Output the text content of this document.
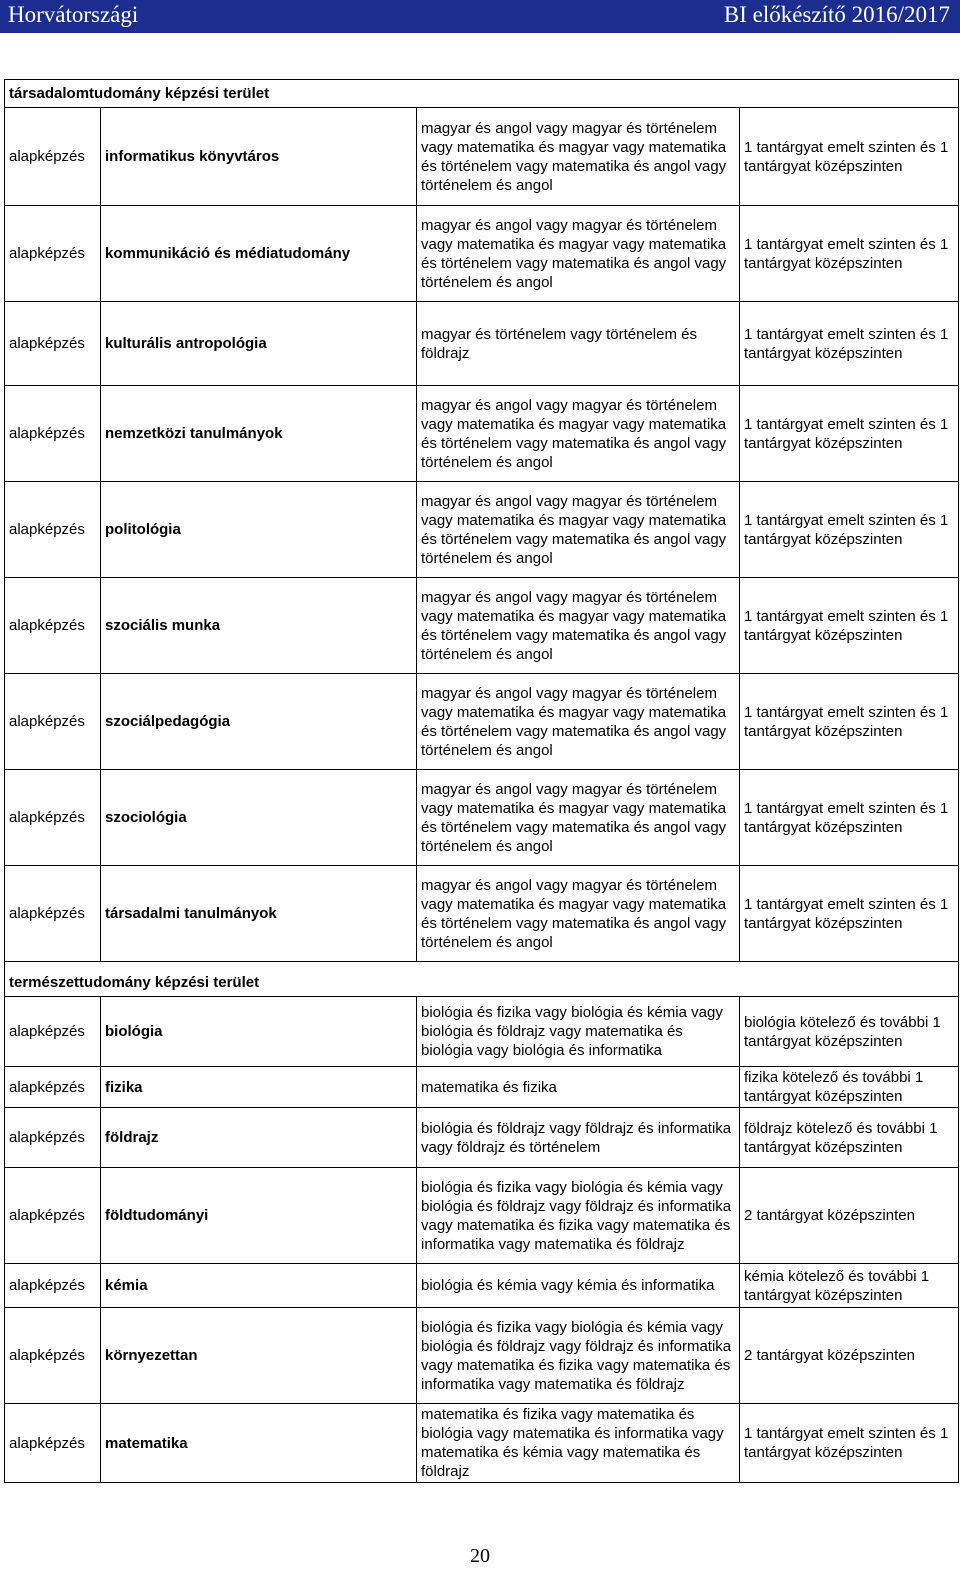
Horvátországi	BI előkészítő 2016/2017
társadalomtudomány képzési terület			
alapképzés	informatikus könyvtáros	magyar és angol vagy magyar és történelem vagy matematika és magyar vagy matematika és történelem vagy matematika és angol vagy történelem és angol	1 tantárgyat emelt szinten és 1 tantárgyat középszinten
alapképzés	kommunikáció és médiatudomány	magyar és angol vagy magyar és történelem vagy matematika és magyar vagy matematika és történelem vagy matematika és angol vagy történelem és angol	1 tantárgyat emelt szinten és 1 tantárgyat középszinten
alapképzés	kulturális antropológia	magyar és történelem vagy történelem és földrajz	1 tantárgyat emelt szinten és 1 tantárgyat középszinten
alapképzés	nemzetközi tanulmányok	magyar és angol vagy magyar és történelem vagy matematika és magyar vagy matematika és történelem vagy matematika és angol vagy történelem és angol	1 tantárgyat emelt szinten és 1 tantárgyat középszinten
alapképzés	politológia	magyar és angol vagy magyar és történelem vagy matematika és magyar vagy matematika és történelem vagy matematika és angol vagy történelem és angol	1 tantárgyat emelt szinten és 1 tantárgyat középszinten
alapképzés	szociális munka	magyar és angol vagy magyar és történelem vagy matematika és magyar vagy matematika és történelem vagy matematika és angol vagy történelem és angol	1 tantárgyat emelt szinten és 1 tantárgyat középszinten
alapképzés	szociálpedagógia	magyar és angol vagy magyar és történelem vagy matematika és magyar vagy matematika és történelem vagy matematika és angol vagy történelem és angol	1 tantárgyat emelt szinten és 1 tantárgyat középszinten
alapképzés	szociológia	magyar és angol vagy magyar és történelem vagy matematika és magyar vagy matematika és történelem vagy matematika és angol vagy történelem és angol	1 tantárgyat emelt szinten és 1 tantárgyat középszinten
alapképzés	társadalmi tanulmányok	magyar és angol vagy magyar és történelem vagy matematika és magyar vagy matematika és történelem vagy matematika és angol vagy történelem és angol	1 tantárgyat emelt szinten és 1 tantárgyat középszinten
természettudomány képzési terület			
alapképzés	biológia	biológia és fizika vagy biológia és kémia vagy biológia és földrajz vagy matematika és biológia vagy biológia és informatika	biológia kötelező és további 1 tantárgyat középszinten
alapképzés	fizika	matematika és fizika	fizika kötelező és további 1 tantárgyat középszinten
alapképzés	földrajz	biológia és földrajz vagy földrajz és informatika vagy földrajz és történelem	földrajz kötelező és további 1 tantárgyat középszinten
alapképzés	földtudományi	biológia és fizika vagy biológia és kémia vagy biológia és földrajz vagy földrajz és informatika vagy matematika és fizika vagy matematika és informatika vagy matematika és földrajz	2 tantárgyat középszinten
alapképzés	kémia	biológia és kémia vagy kémia és informatika	kémia kötelező és további 1 tantárgyat középszinten
alapképzés	környezettan	biológia és fizika vagy biológia és kémia vagy biológia és földrajz vagy földrajz és informatika vagy matematika és fizika vagy matematika és informatika vagy matematika és földrajz	2 tantárgyat középszinten
alapképzés	matematika	matematika és fizika vagy matematika és biológia vagy matematika és informatika vagy matematika és kémia vagy matematika és földrajz	1 tantárgyat emelt szinten és 1 tantárgyat középszinten
20
